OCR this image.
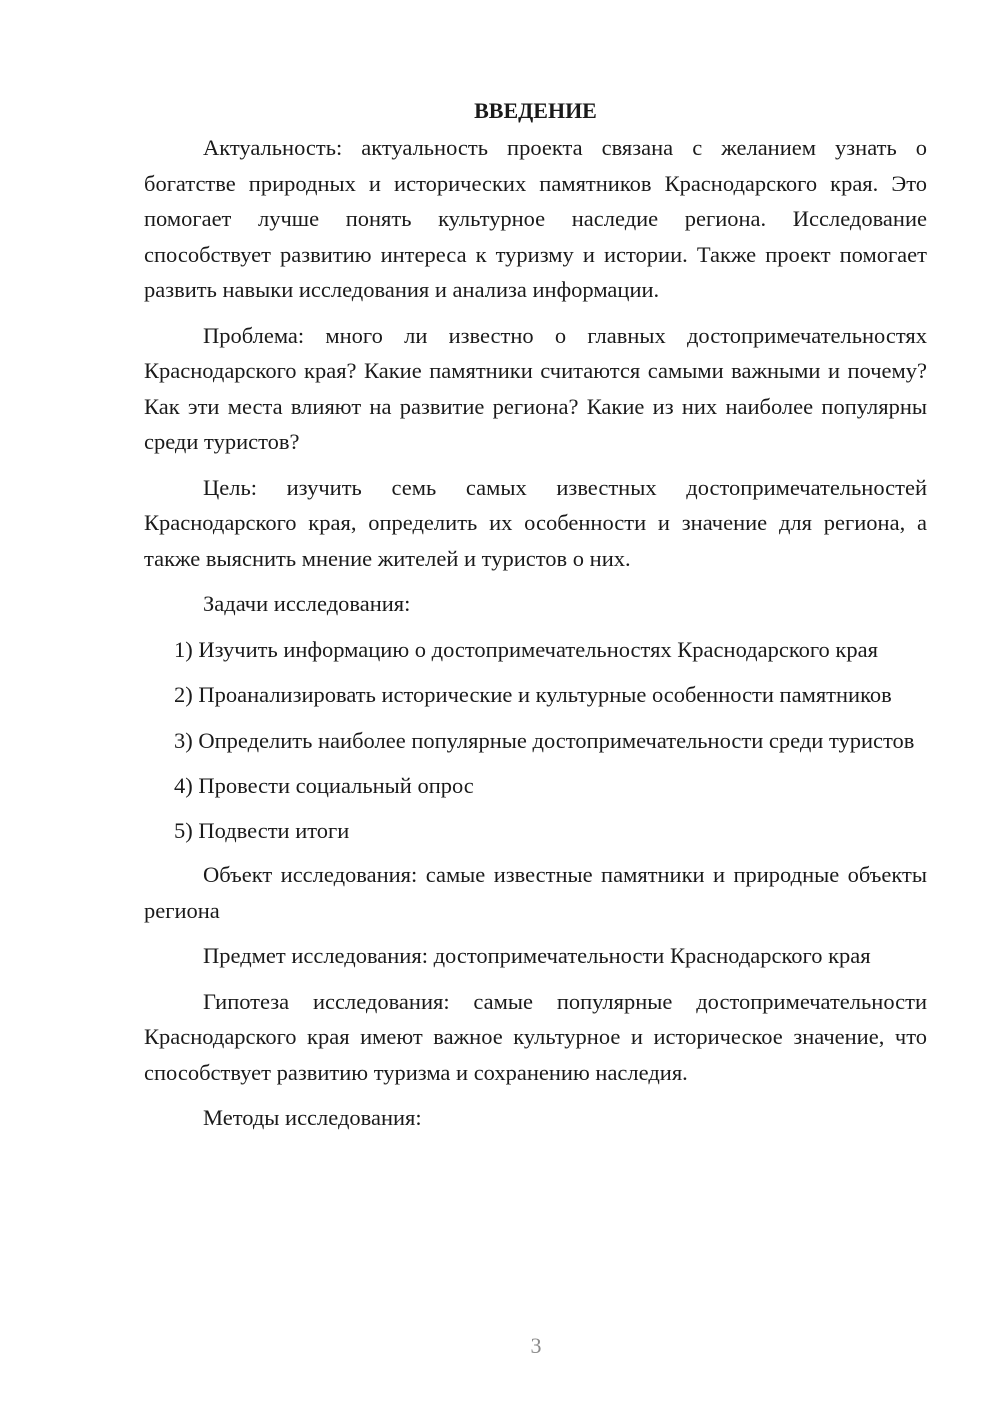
ВВЕДЕНИЕ

Актуальность: актуальность проекта связана с желанием узнать о богатстве природных и исторических памятников Краснодарского края. Это помогает лучше понять культурное наследие региона. Исследование способствует развитию интереса к туризму и истории. Также проект помогает развить навыки исследования и анализа информации.

Проблема: много ли известно о главных достопримечательностях Краснодарского края? Какие памятники считаются самыми важными и почему? Как эти места влияют на развитие региона? Какие из них наиболее популярны среди туристов?

Цель: изучить семь самых известных достопримечательностей Краснодарского края, определить их особенности и значение для региона, а также выяснить мнение жителей и туристов о них.

Задачи исследования:

1) Изучить информацию о достопримечательностях Краснодарского края

2) Проанализировать исторические и культурные особенности памятников

3) Определить наиболее популярные достопримечательности среди туристов

4) Провести социальный опрос

5) Подвести итоги

Объект исследования: самые известные памятники и природные объекты региона

Предмет исследования: достопримечательности Краснодарского края

Гипотеза исследования: самые популярные достопримечательности Краснодарского края имеют важное культурное и историческое значение, что способствует развитию туризма и сохранению наследия.

Методы исследования:

3
